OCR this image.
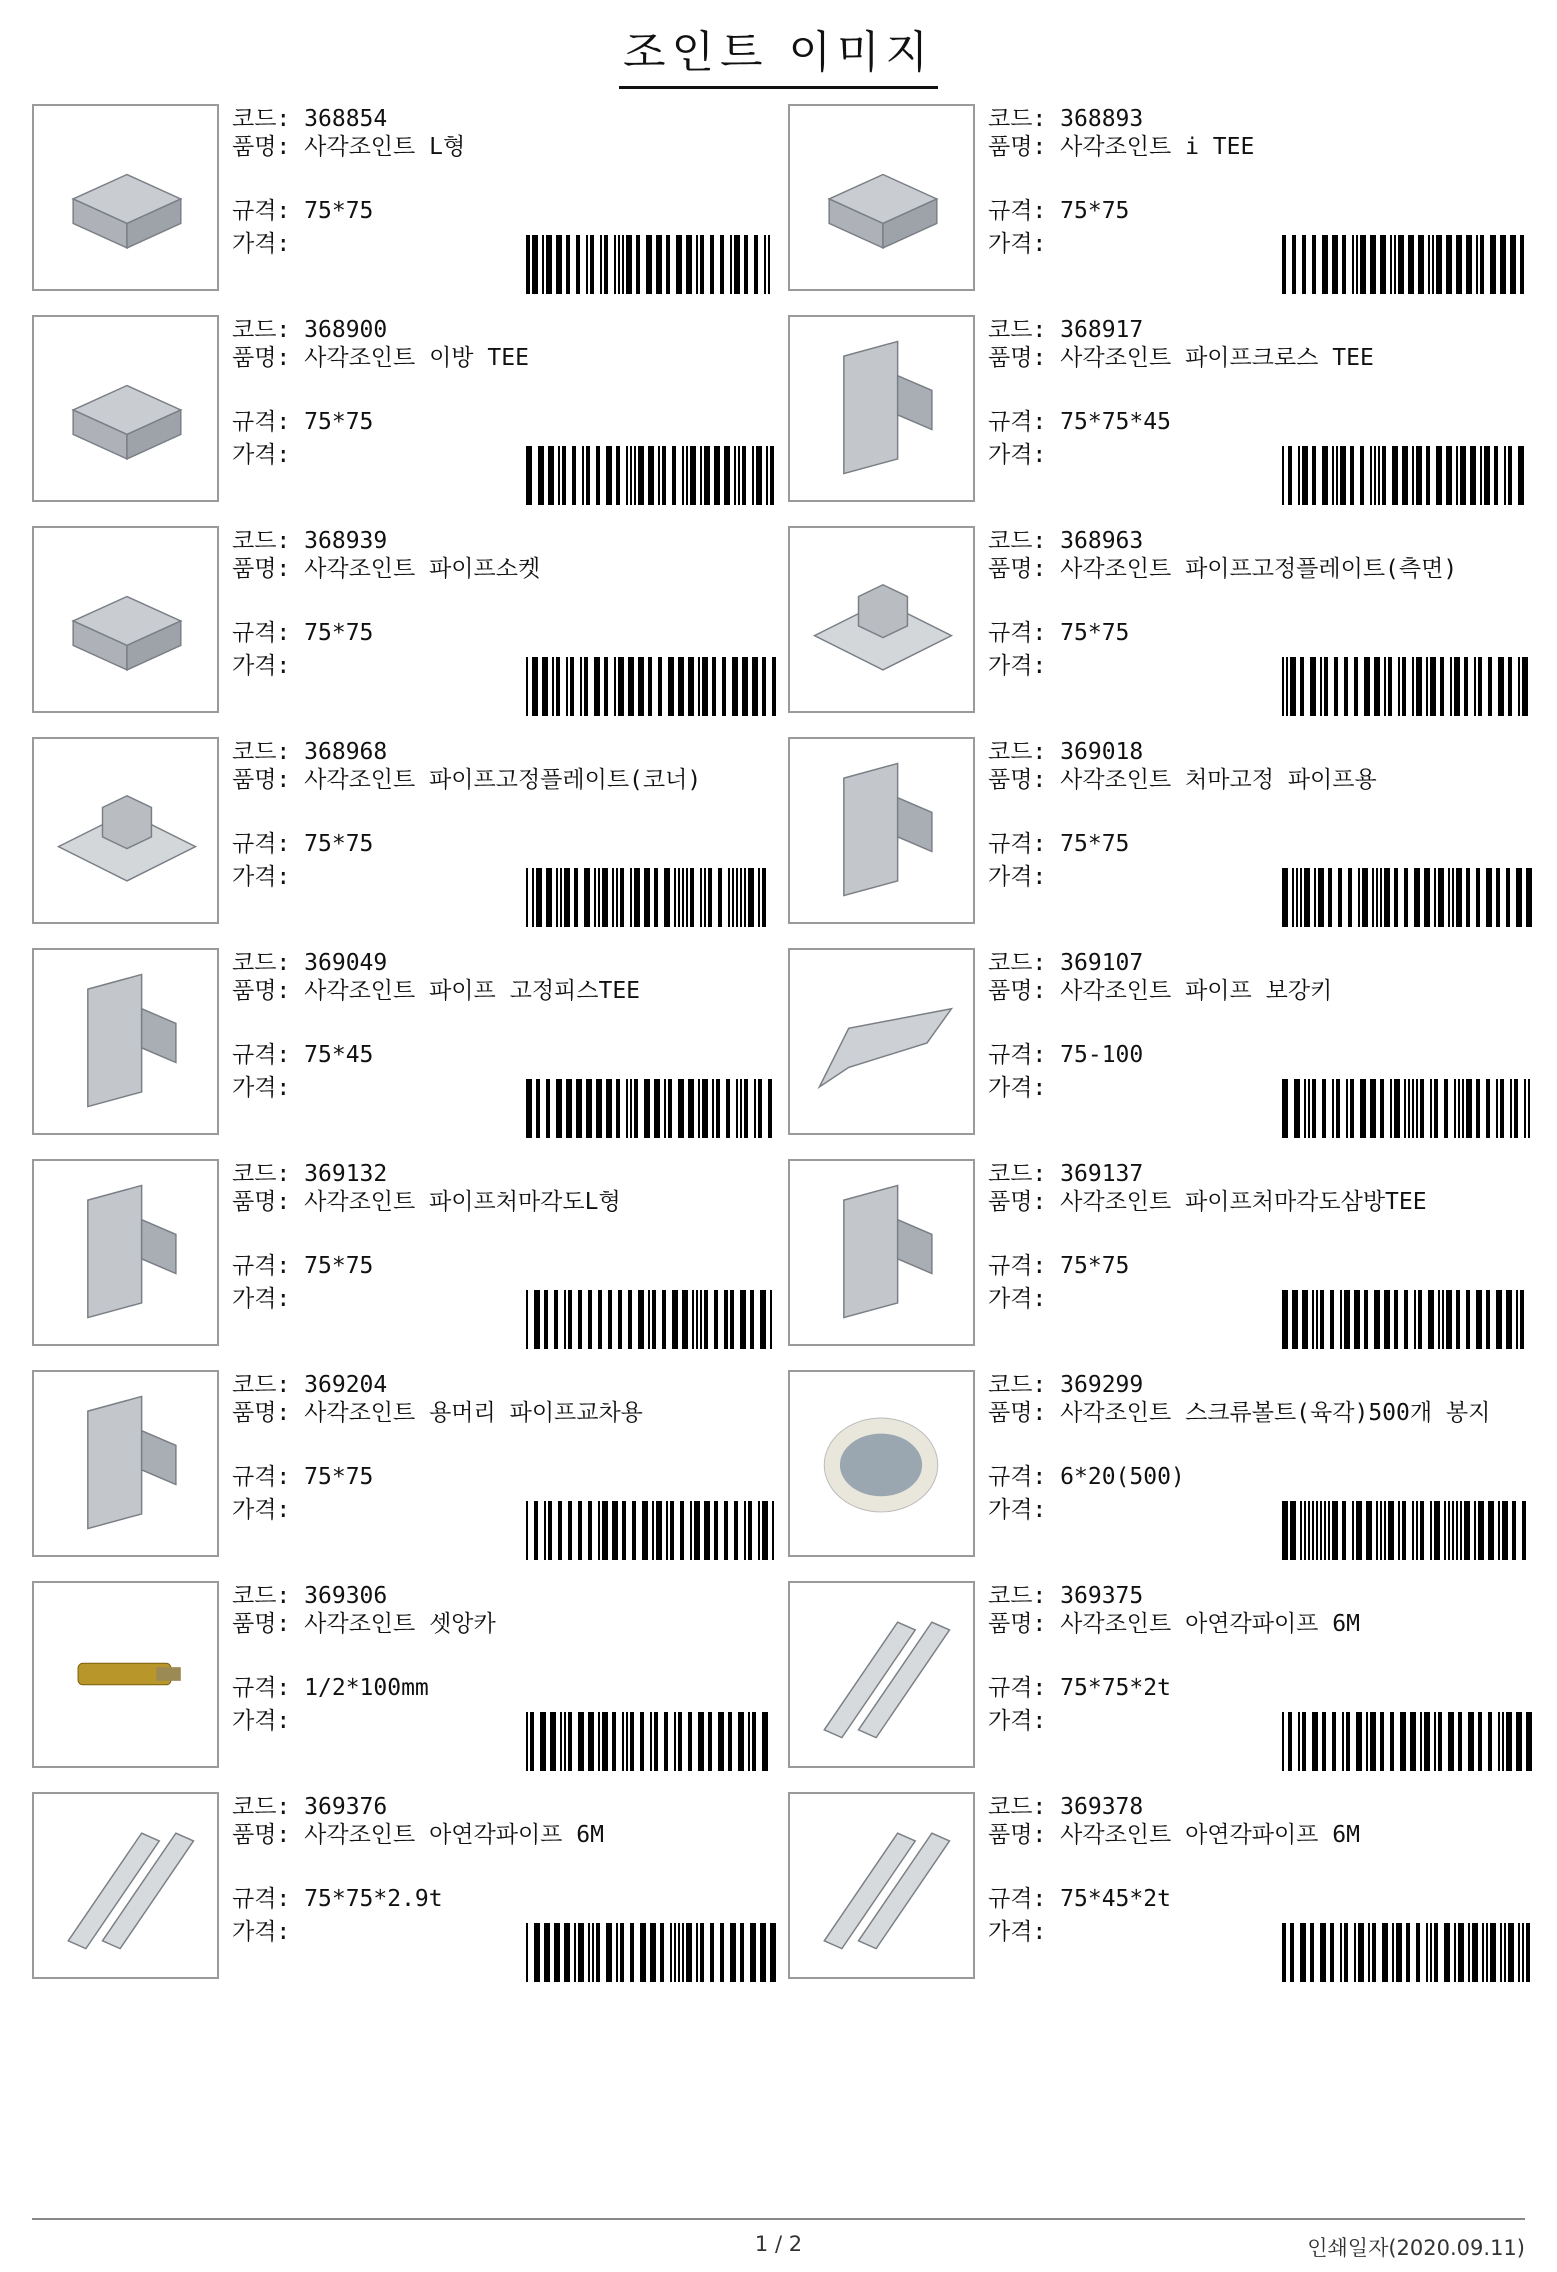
조인트 이미지
코드: 368854
품명: 사각조인트 L형
규격: 75*75
가격:
코드: 368893
품명: 사각조인트 i TEE
규격: 75*75
가격:
코드: 368900
품명: 사각조인트 이방 TEE
규격: 75*75
가격:
코드: 368917
품명: 사각조인트 파이프크로스 TEE
규격: 75*75*45
가격:
코드: 368939
품명: 사각조인트 파이프소켓
규격: 75*75
가격:
코드: 368963
품명: 사각조인트 파이프고정플레이트(측면)
규격: 75*75
가격:
코드: 368968
품명: 사각조인트 파이프고정플레이트(코너)
규격: 75*75
가격:
코드: 369018
품명: 사각조인트 처마고정 파이프용
규격: 75*75
가격:
코드: 369049
품명: 사각조인트 파이프 고정피스TEE
규격: 75*45
가격:
코드: 369107
품명: 사각조인트 파이프 보강키
규격: 75-100
가격:
코드: 369132
품명: 사각조인트 파이프처마각도L형
규격: 75*75
가격:
코드: 369137
품명: 사각조인트 파이프처마각도삼방TEE
규격: 75*75
가격:
코드: 369204
품명: 사각조인트 용머리 파이프교차용
규격: 75*75
가격:
코드: 369299
품명: 사각조인트 스크류볼트(육각)500개 봉지
규격: 6*20(500)
가격:
코드: 369306
품명: 사각조인트 셋앙카
규격: 1/2*100mm
가격:
코드: 369375
품명: 사각조인트 아연각파이프 6M
규격: 75*75*2t
가격:
코드: 369376
품명: 사각조인트 아연각파이프 6M
규격: 75*75*2.9t
가격:
코드: 369378
품명: 사각조인트 아연각파이프 6M
규격: 75*45*2t
가격:
1 / 2	인쇄일자(2020.09.11)
